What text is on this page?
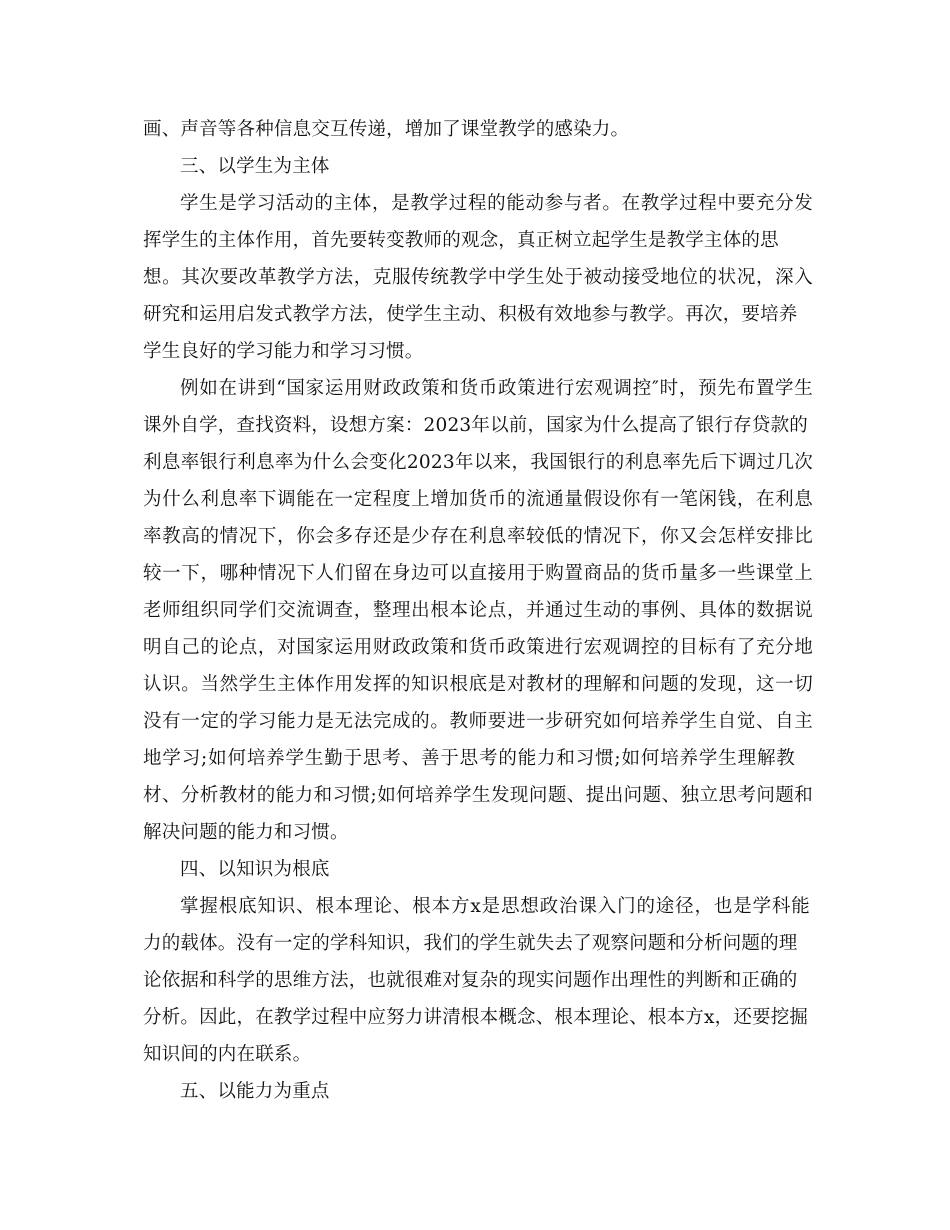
画、声音等各种信息交互传递，增加了课堂教学的感染力。
三、以学生为主体
学生是学习活动的主体，是教学过程的能动参与者。在教学过程中要充分发
挥学生的主体作用，首先要转变教师的观念，真正树立起学生是教学主体的思
想。其次要改革教学方法，克服传统教学中学生处于被动接受地位的状况，深入
研究和运用启发式教学方法，使学生主动、积极有效地参与教学。再次，要培养
学生良好的学习能力和学习习惯。
例如在讲到“国家运用财政政策和货币政策进行宏观调控″时，预先布置学生
课外自学，查找资料，设想方案：2023年以前，国家为什么提高了银行存贷款的
利息率银行利息率为什么会变化2023年以来，我国银行的利息率先后下调过几次
为什么利息率下调能在一定程度上增加货币的流通量假设你有一笔闲钱，在利息
率教高的情况下，你会多存还是少存在利息率较低的情况下，你又会怎样安排比
较一下，哪种情况下人们留在身边可以直接用于购置商品的货币量多一些课堂上
老师组织同学们交流调查，整理出根本论点，并通过生动的事例、具体的数据说
明自己的论点，对国家运用财政政策和货币政策进行宏观调控的目标有了充分地
认识。当然学生主体作用发挥的知识根底是对教材的理解和问题的发现，这一切
没有一定的学习能力是无法完成的。教师要进一步研究如何培养学生自觉、自主
地学习;如何培养学生勤于思考、善于思考的能力和习惯;如何培养学生理解教
材、分析教材的能力和习惯;如何培养学生发现问题、提出问题、独立思考问题和
解决问题的能力和习惯。
四、以知识为根底
掌握根底知识、根本理论、根本方x是思想政治课入门的途径，也是学科能
力的载体。没有一定的学科知识，我们的学生就失去了观察问题和分析问题的理
论依据和科学的思维方法，也就很难对复杂的现实问题作出理性的判断和正确的
分析。因此，在教学过程中应努力讲清根本概念、根本理论、根本方x，还要挖掘
知识间的内在联系。
五、以能力为重点
